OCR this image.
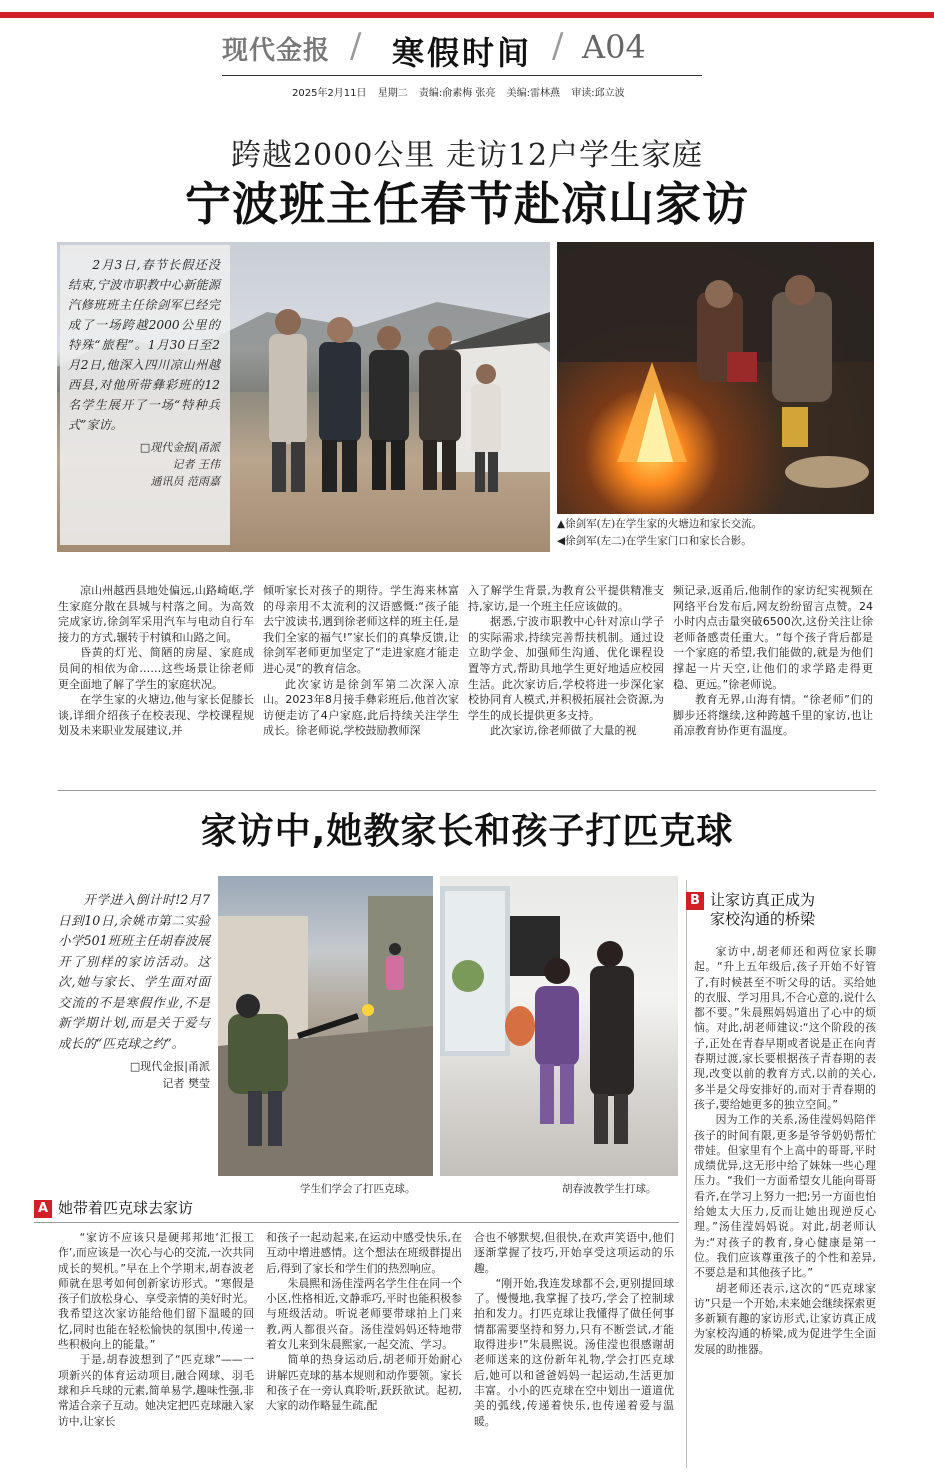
现代金报 / 寒假时间 / A04
2025年2月11日 星期二 责编:俞素梅 张亮 美编:雷林燕 审读:邱立波
跨越2000公里 走访12户学生家庭
宁波班主任春节赴凉山家访
2月3日,春节长假还没结束,宁波市职教中心新能源汽修班班主任徐剑军已经完成了一场跨越2000公里的特殊“旅程”。1月30日至2月2日,他深入四川凉山州越西县,对他所带彝彩班的12名学生展开了一场“特种兵式”家访。
□现代金报|甬派
记者 王伟
通讯员 范雨嘉
▲徐剑军(左)在学生家的火塘边和家长交流。
◀徐剑军(左二)在学生家门口和家长合影。

凉山州越西县地处偏远,山路崎岖,学生家庭分散在县城与村落之间。为高效完成家访,徐剑军采用汽车与电动自行车接力的方式,辗转于村镇和山路之间。

昏黄的灯光、简陋的房屋、家庭成员间的相依为命……这些场景让徐老师更全面地了解了学生的家庭状况。

在学生家的火塘边,他与家长促膝长谈,详细介绍孩子在校表现、学校课程规划及未来职业发展建议,并

倾听家长对孩子的期待。学生海来林富的母亲用不太流利的汉语感慨:“孩子能去宁波读书,遇到徐老师这样的班主任,是我们全家的福气!”家长们的真挚反馈,让徐剑军老师更加坚定了“走进家庭才能走进心灵”的教育信念。

此次家访是徐剑军第二次深入凉山。2023年8月接手彝彩班后,他首次家访便走访了4户家庭,此后持续关注学生成长。徐老师说,学校鼓励教师深

入了解学生背景,为教育公平提供精准支持,家访,是一个班主任应该做的。

据悉,宁波市职教中心针对凉山学子的实际需求,持续完善帮扶机制。通过设立助学金、加强师生沟通、优化课程设置等方式,帮助具地学生更好地适应校园生活。此次家访后,学校将进一步深化家校协同育人模式,并积极拓展社会资源,为学生的成长提供更多支持。

此次家访,徐老师做了大量的视

频记录,返甬后,他制作的家访纪实视频在网络平台发布后,网友纷纷留言点赞。24小时内点击量突破6500次,这份关注让徐老师备感责任重大。“每个孩子背后都是一个家庭的希望,我们能做的,就是为他们撑起一片天空,让他们的求学路走得更稳、更远。”徐老师说。

教育无界,山海有情。“徐老师”们的脚步还将继续,这种跨越千里的家访,也让甬凉教育协作更有温度。

家访中,她教家长和孩子打匹克球
开学进入倒计时!2月7日到10日,余姚市第二实验小学501班班主任胡春波展开了别样的家访活动。这次,她与家长、学生面对面交流的不是寒假作业,不是新学期计划,而是关于爱与成长的“匹克球之约”。
□现代金报|甬派
记者 樊莹
学生们学会了打匹克球。	胡春波教学生打球。
B 让家访真正成为
家校沟通的桥梁

家访中,胡老师还和两位家长聊起。“升上五年级后,孩子开始不好管了,有时候甚至不听父母的话。买给她的衣服、学习用具,不合心意的,说什么都不要。”朱晨熙妈妈道出了心中的烦恼。对此,胡老师建议:“这个阶段的孩子,正处在青春早期或者说是正在向青春期过渡,家长要根据孩子青春期的表现,改变以前的教育方式,以前的关心,多半是父母安排好的,而对于青春期的孩子,要给她更多的独立空间。”

因为工作的关系,汤佳滢妈妈陪伴孩子的时间有限,更多是爷爷奶奶帮忙带娃。但家里有个上高中的哥哥,平时成绩优异,这无形中给了妹妹一些心理压力。“我们一方面希望女儿能向哥哥看齐,在学习上努力一把;另一方面也怕给她太大压力,反而让她出现逆反心理。”汤佳滢妈妈说。对此,胡老师认为:“对孩子的教育,身心健康是第一位。我们应该尊重孩子的个性和差异,不要总是和其他孩子比。”

胡老师还表示,这次的“匹克球家访”只是一个开始,未来她会继续探索更多新颖有趣的家访形式,让家访真正成为家校沟通的桥梁,成为促进学生全面发展的助推器。

A 她带着匹克球去家访

“家访不应该只是硬邦邦地‘汇报工作’,而应该是一次心与心的交流,一次共同成长的契机。”早在上个学期末,胡春波老师就在思考如何创新家访形式。“寒假是孩子们放松身心、享受亲情的美好时光。我希望这次家访能给他们留下温暖的回忆,同时也能在轻松愉快的氛围中,传递一些积极向上的能量。”

于是,胡春波想到了“匹克球”——一项新兴的体育运动项目,融合网球、羽毛球和乒乓球的元素,简单易学,趣味性强,非常适合亲子互动。她决定把匹克球融入家访中,让家长

和孩子一起动起来,在运动中感受快乐,在互动中增进感情。这个想法在班级群提出后,得到了家长和学生们的热烈响应。

朱晨熙和汤佳滢两名学生住在同一个小区,性格相近,文静乖巧,平时也能积极参与班级活动。听说老师要带球拍上门来教,两人都很兴奋。汤佳滢妈妈还特地带着女儿来到朱晨熙家,一起交流、学习。

简单的热身运动后,胡老师开始耐心讲解匹克球的基本规则和动作要领。家长和孩子在一旁认真聆听,跃跃欲试。起初,大家的动作略显生疏,配

合也不够默契,但很快,在欢声笑语中,他们逐渐掌握了技巧,开始享受这项运动的乐趣。

“刚开始,我连发球都不会,更别提回球了。慢慢地,我掌握了技巧,学会了控制球拍和发力。打匹克球让我懂得了做任何事情都需要坚持和努力,只有不断尝试,才能取得进步!”朱晨熙说。汤佳滢也很感谢胡老师送来的这份新年礼物,学会打匹克球后,她可以和爸爸妈妈一起运动,生活更加丰富。小小的匹克球在空中划出一道道优美的弧线,传递着快乐,也传递着爱与温暖。
